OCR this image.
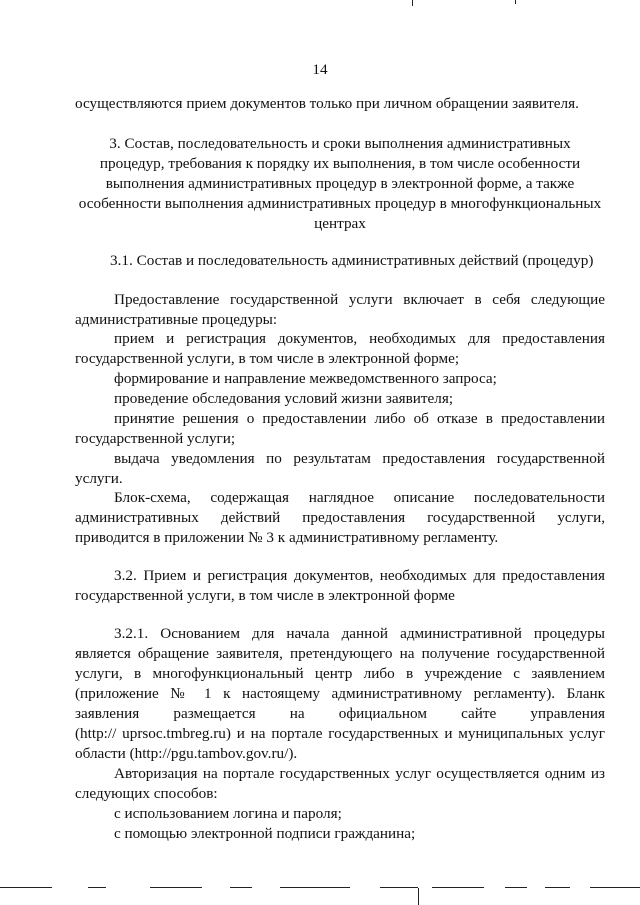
14
осуществляются прием документов только при личном обращении заявителя.
3. Состав, последовательность и сроки выполнения административных
процедур, требования к порядку их выполнения, в том числе особенности
выполнения административных процедур в электронной форме, а также
особенности выполнения административных процедур в многофункциональных
центрах
3.1. Состав и последовательность административных действий (процедур)
Предоставление государственной услуги включает в себя следующие
административные процедуры:
прием и регистрация документов, необходимых для предоставления
государственной услуги, в том числе в электронной форме;
формирование и направление межведомственного запроса;
проведение обследования условий жизни заявителя;
принятие решения о предоставлении либо об отказе в предоставлении
государственной услуги;
выдача уведомления по результатам предоставления государственной
услуги.
Блок-схема, содержащая наглядное описание последовательности
административных действий предоставления государственной услуги,
приводится в приложении № 3 к административному регламенту.
3.2. Прием и регистрация документов, необходимых для предоставления
государственной услуги, в том числе в электронной форме
3.2.1. Основанием для начала данной административной процедуры
является обращение заявителя, претендующего на получение государственной
услуги, в многофункциональный центр либо в учреждение с заявлением
(приложение № 1 к настоящему административному регламенту). Бланк
заявления размещается на официальном сайте управления
(http:// uprsoc.tmbreg.ru) и на портале государственных и муниципальных услуг
области (http://pgu.tambov.gov.ru/).
Авторизация на портале государственных услуг осуществляется одним из
следующих способов:
с использованием логина и пароля;
с помощью электронной подписи гражданина;
